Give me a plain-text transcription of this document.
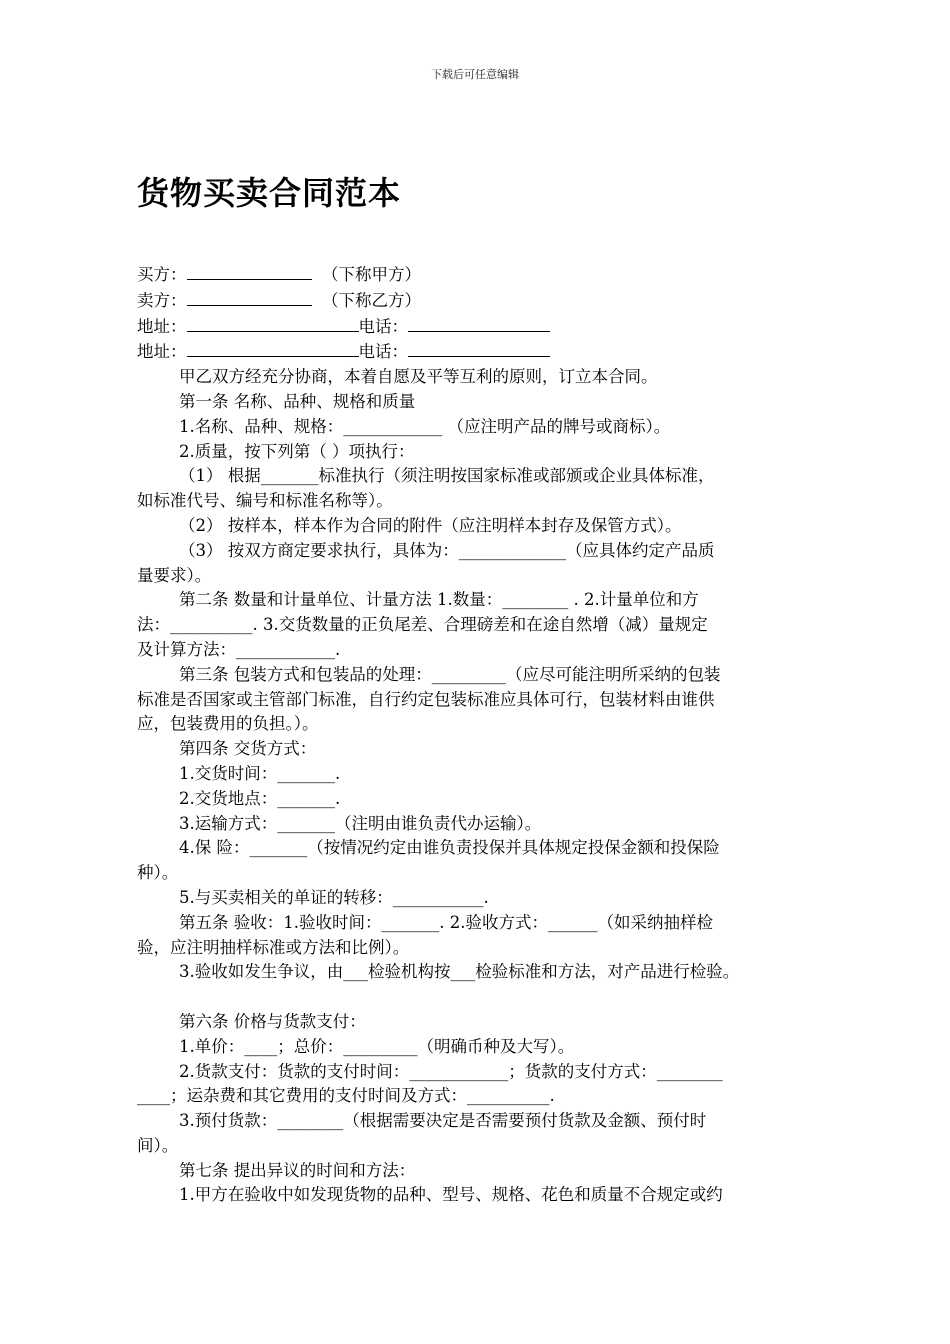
下载后可任意编辑
货物买卖合同范本
买方：	（下称甲方）
卖方：	（下称乙方）
地址：	电话：
地址：	电话：
甲乙双方经充分协商，本着自愿及平等互利的原则，订立本合同。
第一条 名称、品种、规格和质量
1.名称、品种、规格：____________ （应注明产品的牌号或商标）。
2.质量，按下列第（ ）项执行：
（1） 根据_______标准执行（须注明按国家标准或部颁或企业具体标准，
如标准代号、编号和标准名称等）。
（2） 按样本，样本作为合同的附件（应注明样本封存及保管方式）。
（3） 按双方商定要求执行，具体为：_____________（应具体约定产品质
量要求）。
第二条 数量和计量单位、计量方法 1.数量：________ . 2.计量单位和方
法：__________. 3.交货数量的正负尾差、合理磅差和在途自然增（减）量规定
及计算方法：____________.
第三条 包装方式和包装品的处理：_________（应尽可能注明所采纳的包装
标准是否国家或主管部门标准，自行约定包装标准应具体可行，包装材料由谁供
应，包装费用的负担。）。
第四条 交货方式：
1.交货时间：_______.
2.交货地点：_______.
3.运输方式：_______（注明由谁负责代办运输）。
4.保 险：_______（按情况约定由谁负责投保并具体规定投保金额和投保险
种）。
5.与买卖相关的单证的转移：___________.
第五条 验收：1.验收时间：_______. 2.验收方式：______（如采纳抽样检
验，应注明抽样标准或方法和比例）。
3.验收如发生争议，由___检验机构按___检验标准和方法，对产品进行检验。
第六条 价格与货款支付：
1.单价：____；总价：_________（明确币种及大写）。
2.货款支付：货款的支付时间：____________；货款的支付方式：________
____；运杂费和其它费用的支付时间及方式：__________.
3.预付货款：________（根据需要决定是否需要预付货款及金额、预付时
间）。
第七条 提出异议的时间和方法：
1.甲方在验收中如发现货物的品种、型号、规格、花色和质量不合规定或约
